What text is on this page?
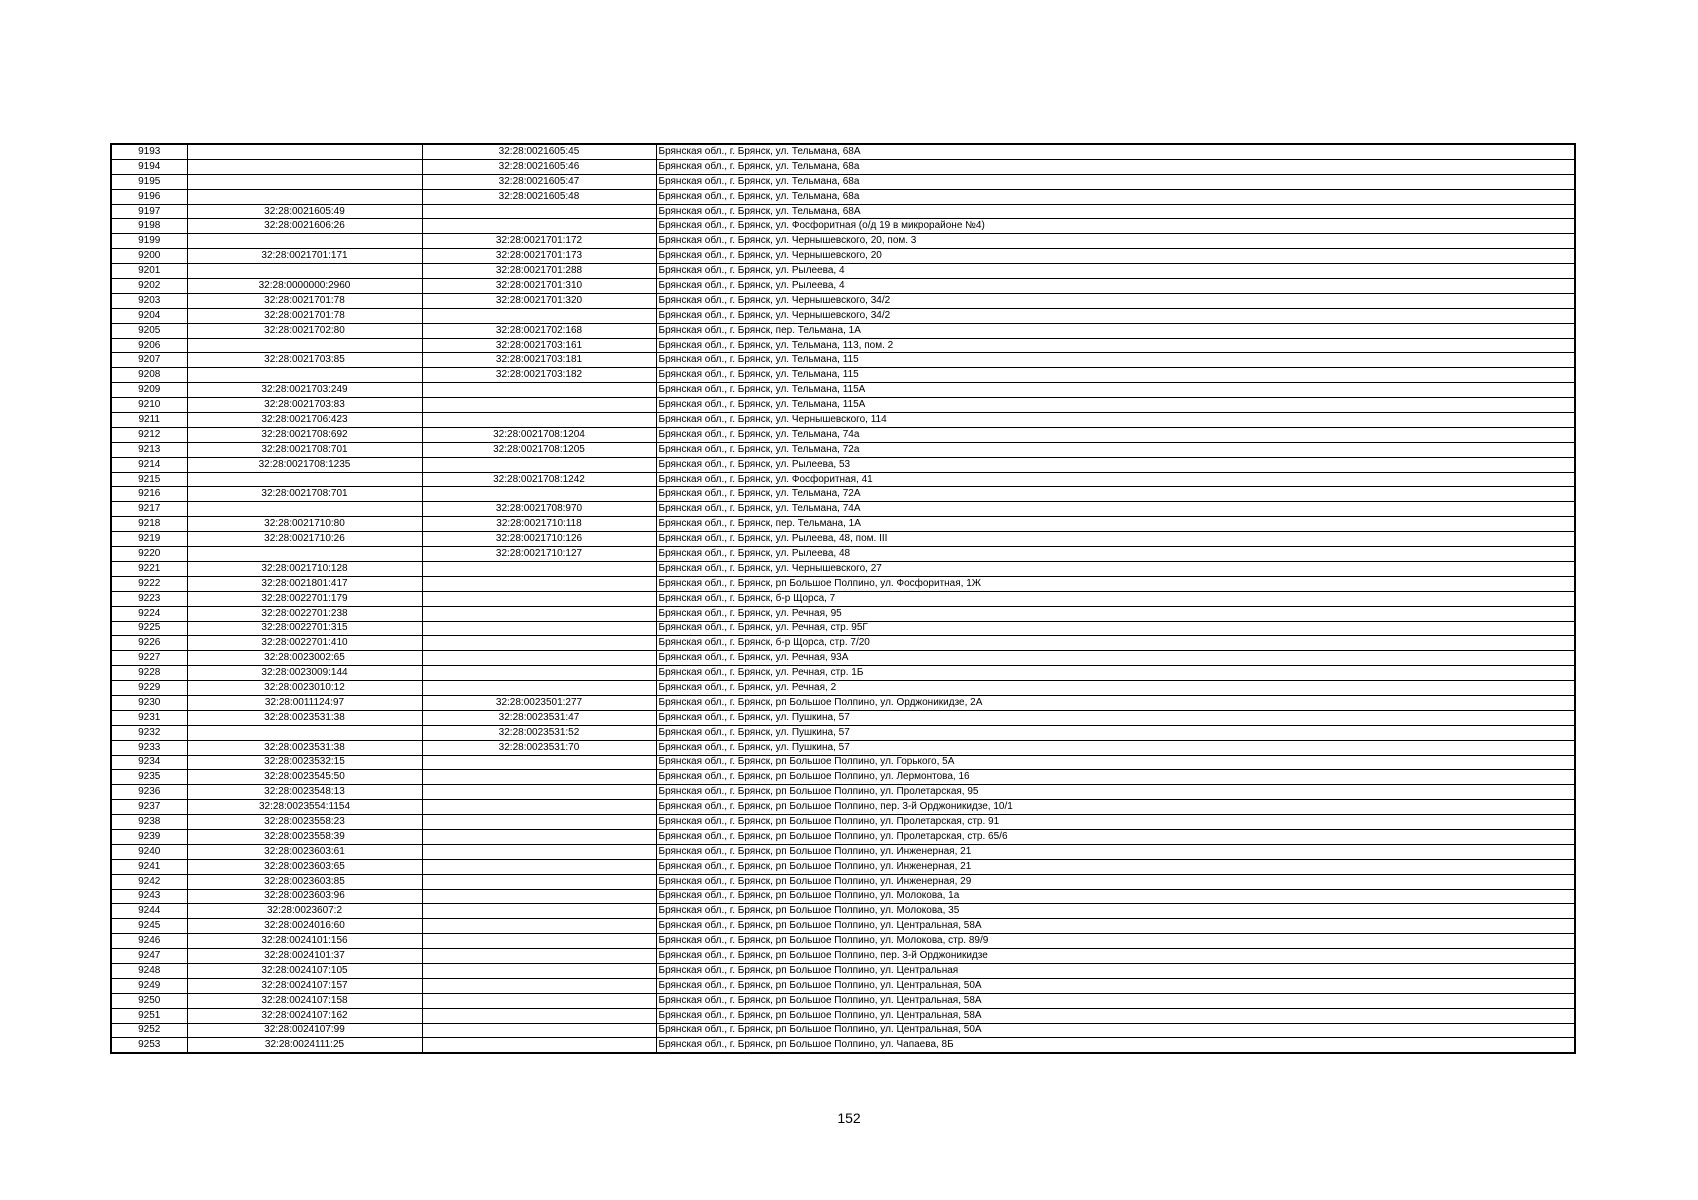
9193		32:28:0021605:45	Брянская обл., г. Брянск, ул. Тельмана, 68А
9194		32:28:0021605:46	Брянская обл., г. Брянск, ул. Тельмана, 68а
9195		32:28:0021605:47	Брянская обл., г. Брянск, ул. Тельмана, 68а
9196		32:28:0021605:48	Брянская обл., г. Брянск, ул. Тельмана, 68а
9197	32:28:0021605:49		Брянская обл., г. Брянск, ул. Тельмана, 68А
9198	32:28:0021606:26		Брянская обл., г. Брянск, ул. Фосфоритная (о/д 19 в микрорайоне №4)
9199		32:28:0021701:172	Брянская обл., г. Брянск, ул. Чернышевского, 20, пом. 3
9200	32:28:0021701:171	32:28:0021701:173	Брянская обл., г. Брянск, ул. Чернышевского, 20
9201		32:28:0021701:288	Брянская обл., г. Брянск, ул. Рылеева, 4
9202	32:28:0000000:2960	32:28:0021701:310	Брянская обл., г. Брянск, ул. Рылеева, 4
9203	32:28:0021701:78	32:28:0021701:320	Брянская обл., г. Брянск, ул. Чернышевского, 34/2
9204	32:28:0021701:78		Брянская обл., г. Брянск, ул. Чернышевского, 34/2
9205	32:28:0021702:80	32:28:0021702:168	Брянская обл., г. Брянск, пер. Тельмана, 1А
9206		32:28:0021703:161	Брянская обл., г. Брянск, ул. Тельмана, 113, пом. 2
9207	32:28:0021703:85	32:28:0021703:181	Брянская обл., г. Брянск, ул. Тельмана, 115
9208		32:28:0021703:182	Брянская обл., г. Брянск, ул. Тельмана, 115
9209	32:28:0021703:249		Брянская обл., г. Брянск, ул. Тельмана, 115А
9210	32:28:0021703:83		Брянская обл., г. Брянск, ул. Тельмана, 115А
9211	32:28:0021706:423		Брянская обл., г. Брянск, ул. Чернышевского, 114
9212	32:28:0021708:692	32:28:0021708:1204	Брянская обл., г. Брянск, ул. Тельмана, 74а
9213	32:28:0021708:701	32:28:0021708:1205	Брянская обл., г. Брянск, ул. Тельмана, 72а
9214	32:28:0021708:1235		Брянская обл., г. Брянск, ул. Рылеева, 53
9215		32:28:0021708:1242	Брянская обл., г. Брянск, ул. Фосфоритная, 41
9216	32:28:0021708:701		Брянская обл., г. Брянск, ул. Тельмана, 72А
9217		32:28:0021708:970	Брянская обл., г. Брянск, ул. Тельмана, 74А
9218	32:28:0021710:80	32:28:0021710:118	Брянская обл., г. Брянск, пер. Тельмана, 1А
9219	32:28:0021710:26	32:28:0021710:126	Брянская обл., г. Брянск, ул. Рылеева, 48, пом. III
9220		32:28:0021710:127	Брянская обл., г. Брянск, ул. Рылеева, 48
9221	32:28:0021710:128		Брянская обл., г. Брянск, ул. Чернышевского, 27
9222	32:28:0021801:417		Брянская обл., г. Брянск, рп Большое Полпино, ул. Фосфоритная, 1Ж
9223	32:28:0022701:179		Брянская обл., г. Брянск, б-р Щорса, 7
9224	32:28:0022701:238		Брянская обл., г. Брянск, ул. Речная, 95
9225	32:28:0022701:315		Брянская обл., г. Брянск, ул. Речная, стр. 95Г
9226	32:28:0022701:410		Брянская обл., г. Брянск, б-р Щорса, стр. 7/20
9227	32:28:0023002:65		Брянская обл., г. Брянск, ул. Речная, 93А
9228	32:28:0023009:144		Брянская обл., г. Брянск, ул. Речная, стр. 1Б
9229	32:28:0023010:12		Брянская обл., г. Брянск, ул. Речная, 2
9230	32:28:0011124:97	32:28:0023501:277	Брянская обл., г. Брянск, рп Большое Полпино, ул. Орджоникидзе, 2А
9231	32:28:0023531:38	32:28:0023531:47	Брянская обл., г. Брянск, ул. Пушкина, 57
9232		32:28:0023531:52	Брянская обл., г. Брянск, ул. Пушкина, 57
9233	32:28:0023531:38	32:28:0023531:70	Брянская обл., г. Брянск, ул. Пушкина, 57
9234	32:28:0023532:15		Брянская обл., г. Брянск, рп Большое Полпино, ул. Горького, 5А
9235	32:28:0023545:50		Брянская обл., г. Брянск, рп Большое Полпино, ул. Лермонтова, 16
9236	32:28:0023548:13		Брянская обл., г. Брянск, рп Большое Полпино, ул. Пролетарская, 95
9237	32:28:0023554:1154		Брянская обл., г. Брянск, рп Большое Полпино, пер. 3-й Орджоникидзе, 10/1
9238	32:28:0023558:23		Брянская обл., г. Брянск, рп Большое Полпино, ул. Пролетарская, стр. 91
9239	32:28:0023558:39		Брянская обл., г. Брянск, рп Большое Полпино, ул. Пролетарская, стр. 65/6
9240	32:28:0023603:61		Брянская обл., г. Брянск, рп Большое Полпино, ул. Инженерная, 21
9241	32:28:0023603:65		Брянская обл., г. Брянск, рп Большое Полпино, ул. Инженерная, 21
9242	32:28:0023603:85		Брянская обл., г. Брянск, рп Большое Полпино, ул. Инженерная, 29
9243	32:28:0023603:96		Брянская обл., г. Брянск, рп Большое Полпино, ул. Молокова, 1а
9244	32:28:0023607:2		Брянская обл., г. Брянск, рп Большое Полпино, ул. Молокова, 35
9245	32:28:0024016:60		Брянская обл., г. Брянск, рп Большое Полпино, ул. Центральная, 58А
9246	32:28:0024101:156		Брянская обл., г. Брянск, рп Большое Полпино, ул. Молокова, стр. 89/9
9247	32:28:0024101:37		Брянская обл., г. Брянск, рп Большое Полпино, пер. 3-й Орджоникидзе
9248	32:28:0024107:105		Брянская обл., г. Брянск, рп Большое Полпино, ул. Центральная
9249	32:28:0024107:157		Брянская обл., г. Брянск, рп Большое Полпино, ул. Центральная, 50А
9250	32:28:0024107:158		Брянская обл., г. Брянск, рп Большое Полпино, ул. Центральная, 58А
9251	32:28:0024107:162		Брянская обл., г. Брянск, рп Большое Полпино, ул. Центральная, 58А
9252	32:28:0024107:99		Брянская обл., г. Брянск, рп Большое Полпино, ул. Центральная, 50А
9253	32:28:0024111:25		Брянская обл., г. Брянск, рп Большое Полпино, ул. Чапаева, 8Б
152
